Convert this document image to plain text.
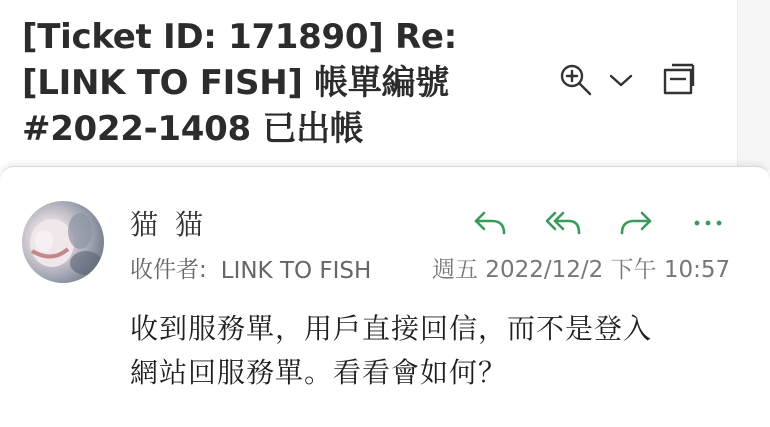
[Ticket ID: 171890] Re:
[LINK TO FISH] 帳單編號
#2022-1408 已出帳
猫 猫
收件者: LINK TO FISH	週五 2022/12/2 下午 10:57
收到服務單，用戶直接回信，而不是登入
網站回服務單。看看會如何？
